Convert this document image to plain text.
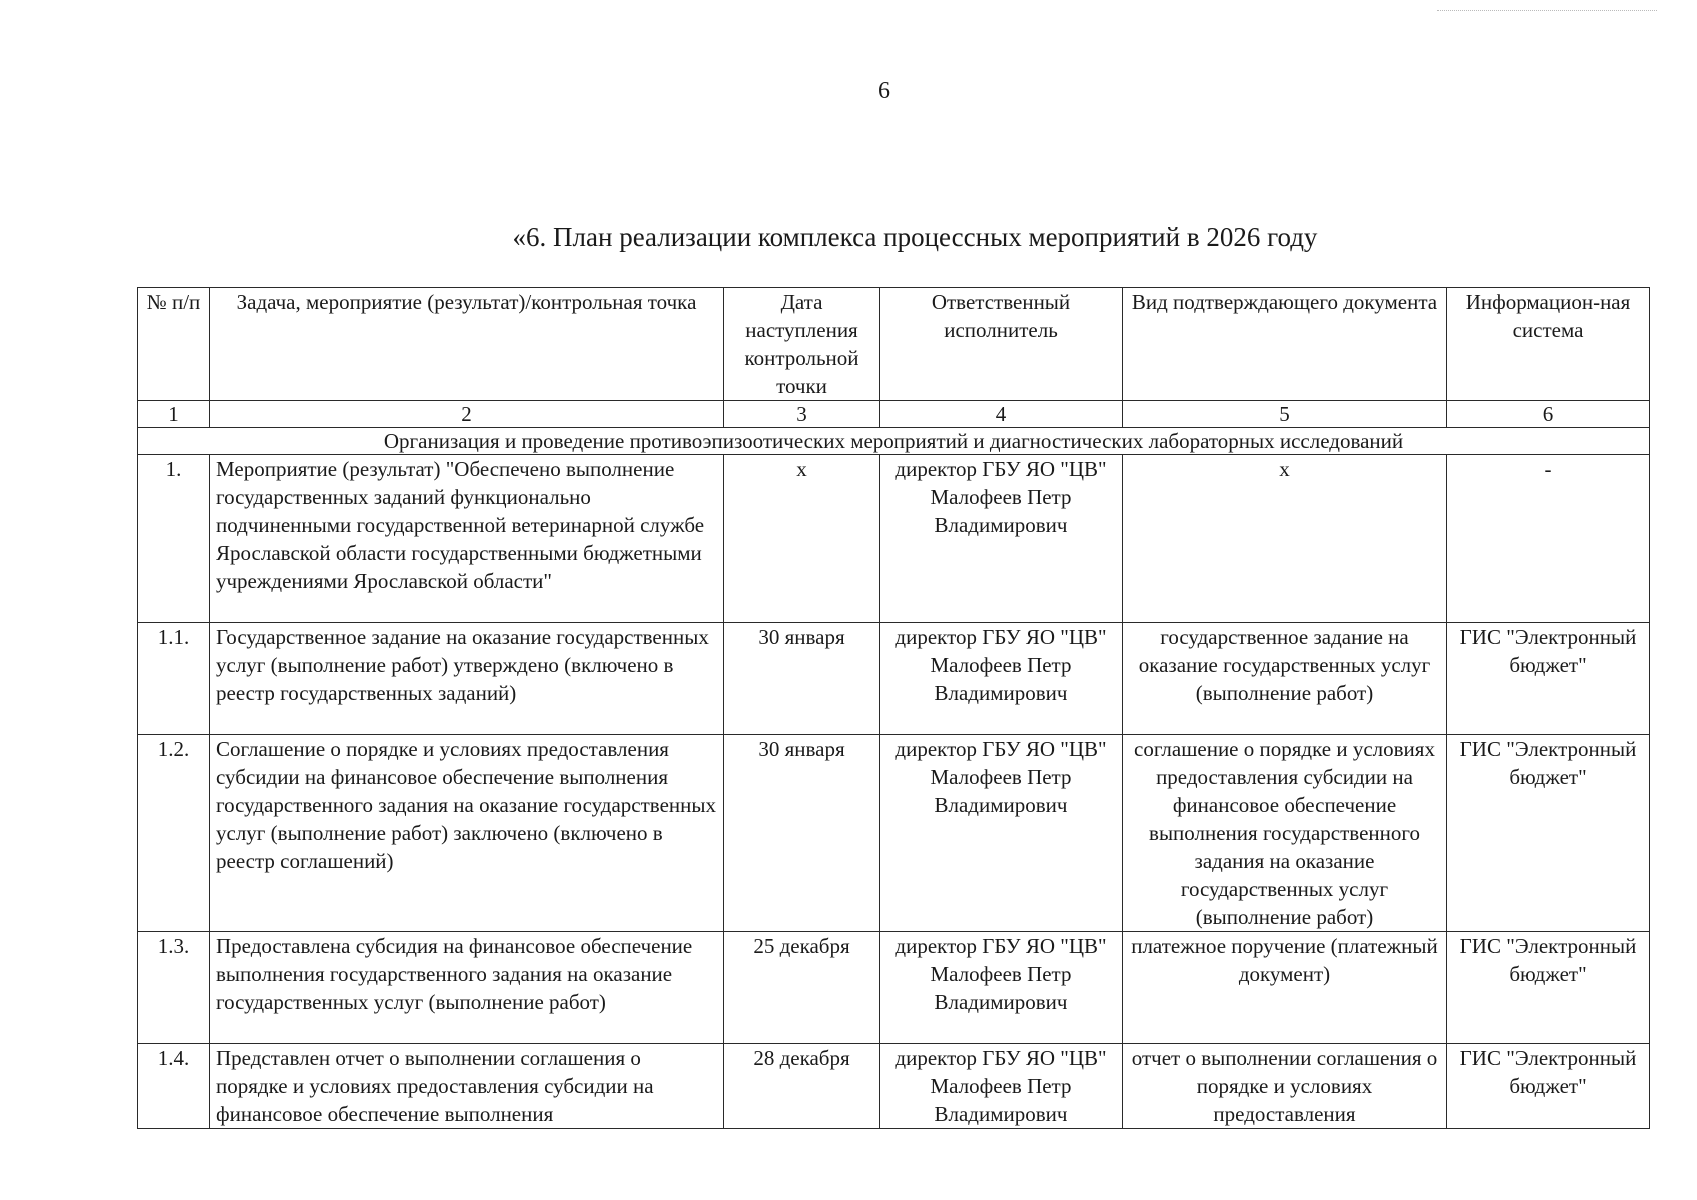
6
«6. План реализации комплекса процессных мероприятий в 2026 году
№ п/п	Задача, мероприятие (результат)/контрольная точка	Дата наступления контрольной точки	Ответственный исполнитель	Вид подтверждающего документа	Информацион-ная система
1	2	3	4	5	6
Организация и проведение противоэпизоотических мероприятий и диагностических лабораторных исследований					
1.	Мероприятие (результат) "Обеспечено выполнение государственных заданий функционально подчиненными государственной ветеринарной службе Ярославской области государственными бюджетными учреждениями Ярославской области"	х	директор ГБУ ЯО "ЦВ" Малофеев Петр Владимирович	х	-
1.1.	Государственное задание на оказание государственных услуг (выполнение работ) утверждено (включено в реестр государственных заданий)	30 января	директор ГБУ ЯО "ЦВ" Малофеев Петр Владимирович	государственное задание на оказание государственных услуг (выполнение работ)	ГИС "Электронный бюджет"
1.2.	Соглашение о порядке и условиях предоставления субсидии на финансовое обеспечение выполнения государственного задания на оказание государственных услуг (выполнение работ) заключено (включено в реестр соглашений)	30 января	директор ГБУ ЯО "ЦВ" Малофеев Петр Владимирович	соглашение о порядке и условиях предоставления субсидии на финансовое обеспечение выполнения государственного задания на оказание государственных услуг (выполнение работ)	ГИС "Электронный бюджет"
1.3.	Предоставлена субсидия на финансовое обеспечение выполнения государственного задания на оказание государственных услуг (выполнение работ)	25 декабря	директор ГБУ ЯО "ЦВ" Малофеев Петр Владимирович	платежное поручение (платежный документ)	ГИС "Электронный бюджет"
1.4.	Представлен отчет о выполнении соглашения о порядке и условиях предоставления субсидии на финансовое обеспечение выполнения	28 декабря	директор ГБУ ЯО "ЦВ" Малофеев Петр Владимирович	отчет о выполнении соглашения о порядке и условиях предоставления	ГИС "Электронный бюджет"
